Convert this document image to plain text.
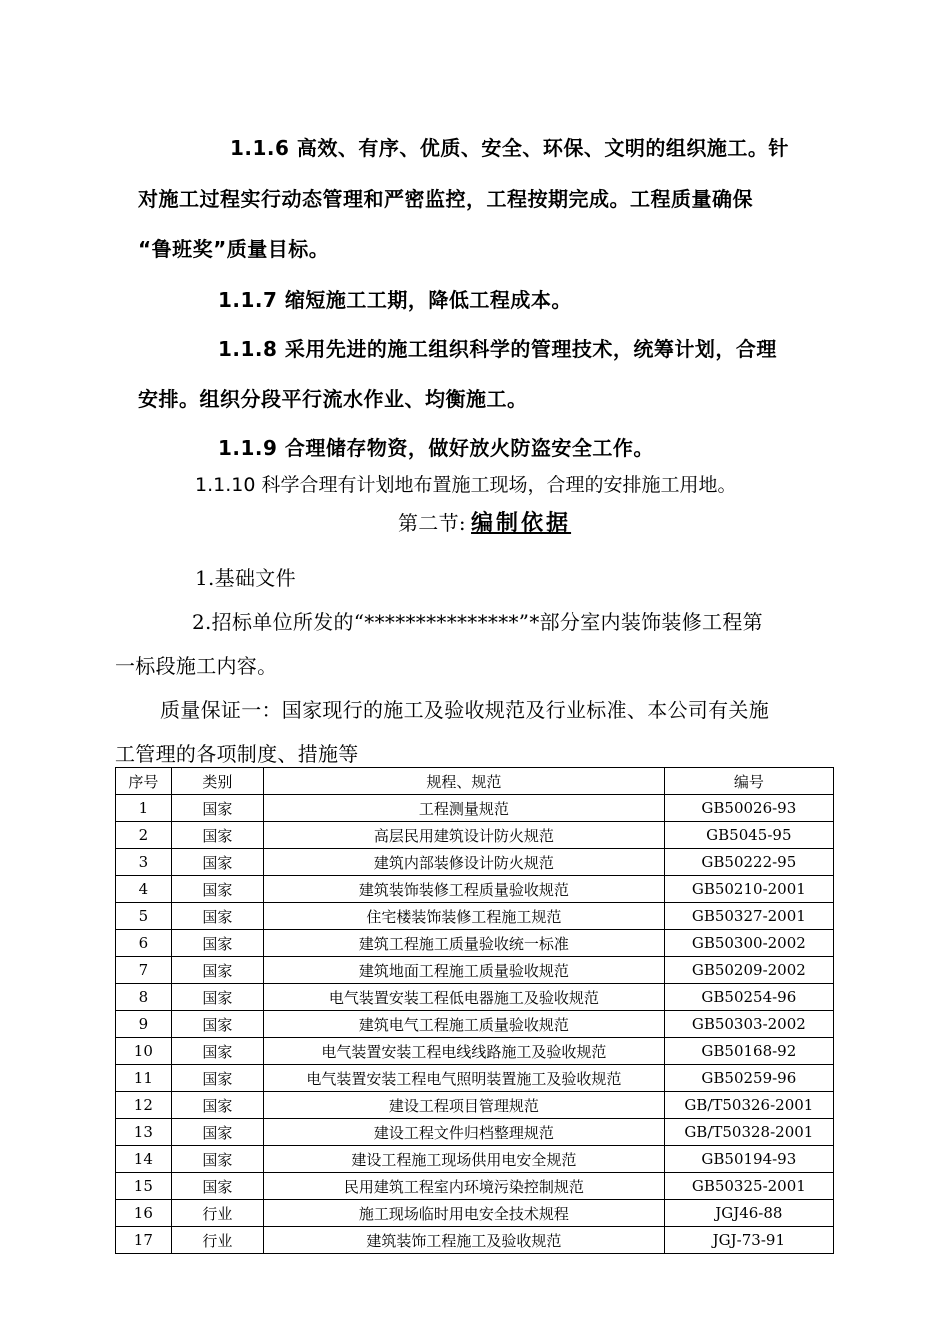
1.1.6 高效、有序、优质、安全、环保、文明的组织施工。针
对施工过程实行动态管理和严密监控，工程按期完成。工程质量确保
“鲁班奖”质量目标。
1.1.7 缩短施工工期，降低工程成本。
1.1.8 采用先进的施工组织科学的管理技术，统筹计划，合理
安排。组织分段平行流水作业、均衡施工。
1.1.9 合理储存物资，做好放火防盗安全工作。
1.1.10 科学合理有计划地布置施工现场，合理的安排施工用地。
第二节: 编制依据
1.基础文件
2.招标单位所发的“***************”*部分室内装饰装修工程第
一标段施工内容。
质量保证一：国家现行的施工及验收规范及行业标准、本公司有关施
工管理的各项制度、措施等
序号	类别	规程、规范	编号
1	国家	工程测量规范	GB50026-93
2	国家	高层民用建筑设计防火规范	GB5045-95
3	国家	建筑内部装修设计防火规范	GB50222-95
4	国家	建筑装饰装修工程质量验收规范	GB50210-2001
5	国家	住宅楼装饰装修工程施工规范	GB50327-2001
6	国家	建筑工程施工质量验收统一标准	GB50300-2002
7	国家	建筑地面工程施工质量验收规范	GB50209-2002
8	国家	电气装置安装工程低电器施工及验收规范	GB50254-96
9	国家	建筑电气工程施工质量验收规范	GB50303-2002
10	国家	电气装置安装工程电线线路施工及验收规范	GB50168-92
11	国家	电气装置安装工程电气照明装置施工及验收规范	GB50259-96
12	国家	建设工程项目管理规范	GB/T50326-2001
13	国家	建设工程文件归档整理规范	GB/T50328-2001
14	国家	建设工程施工现场供用电安全规范	GB50194-93
15	国家	民用建筑工程室内环境污染控制规范	GB50325-2001
16	行业	施工现场临时用电安全技术规程	JGJ46-88
17	行业	建筑装饰工程施工及验收规范	JGJ-73-91
